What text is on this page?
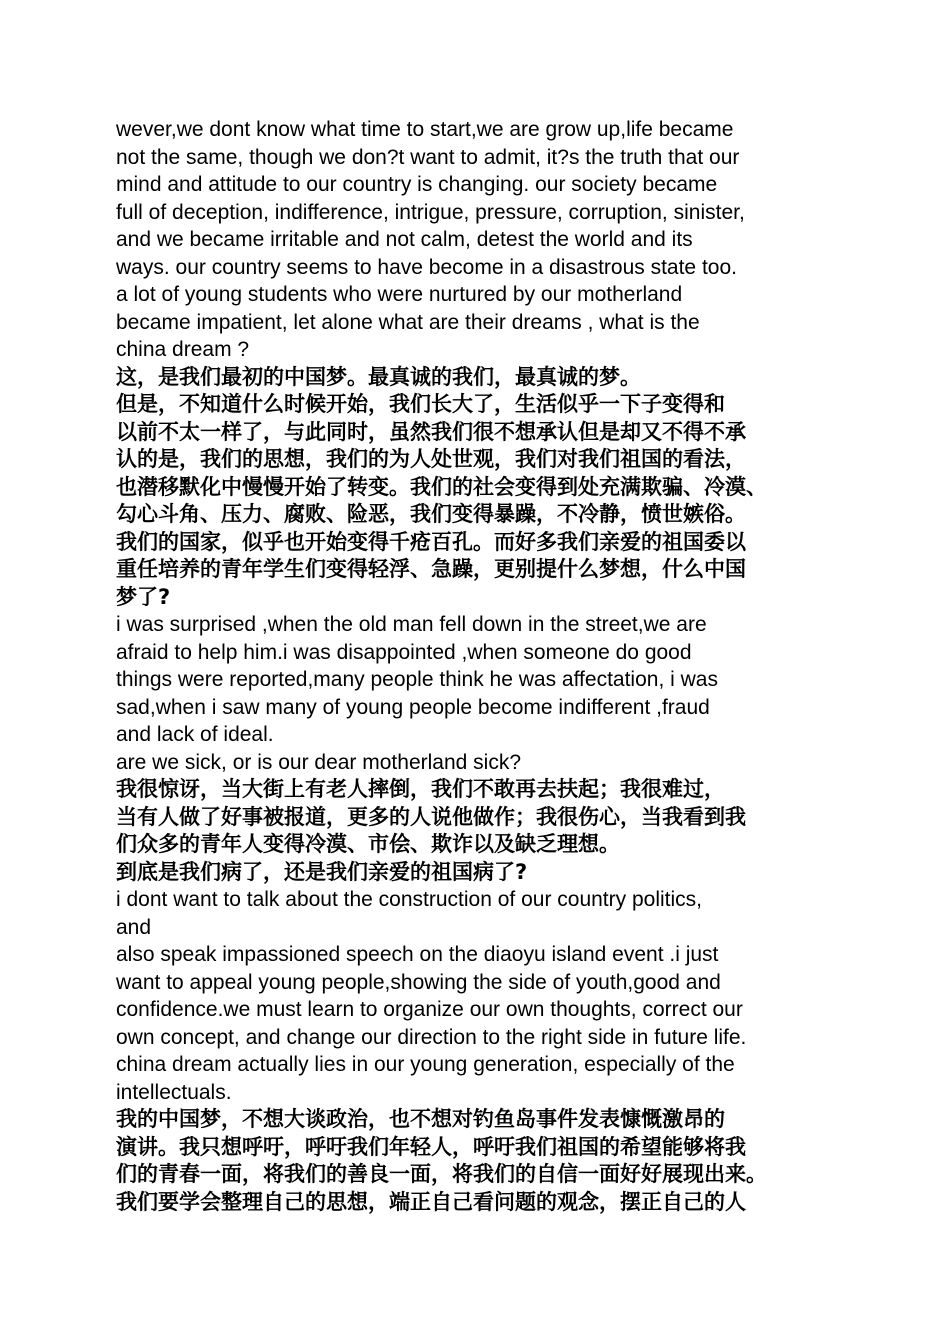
wever,we dont know what time to start,we are grow up,life became
not the same, though we don?t want to admit, it?s the truth that our
mind and attitude to our country is changing. our society became
full of deception, indifference, intrigue, pressure, corruption, sinister,
and we became irritable and not calm, detest the world and its
ways. our country seems to have become in a disastrous state too.
a lot of young students who were nurtured by our motherland
became impatient, let alone what are their dreams , what is the
china dream ?

这，是我们最初的中国梦。最真诚的我们，最真诚的梦。

但是，不知道什么时候开始，我们长大了，生活似乎一下子变得和
以前不太一样了，与此同时，虽然我们很不想承认但是却又不得不承
认的是，我们的思想，我们的为人处世观，我们对我们祖国的看法，
也潜移默化中慢慢开始了转变。我们的社会变得到处充满欺骗、冷漠、
勾心斗角、压力、腐败、险恶，我们变得暴躁，不冷静，愤世嫉俗。
我们的国家，似乎也开始变得千疮百孔。而好多我们亲爱的祖国委以
重任培养的青年学生们变得轻浮、急躁，更别提什么梦想，什么中国
梦了?

i was surprised ,when the old man fell down in the street,we are
afraid to help him.i was disappointed ,when someone do good
things were reported,many people think he was affectation, i was
sad,when i saw many of young people become indifferent ,fraud
and lack of ideal.

are we sick, or is our dear motherland sick?

我很惊讶，当大街上有老人摔倒，我们不敢再去扶起；我很难过，
当有人做了好事被报道，更多的人说他做作；我很伤心，当我看到我
们众多的青年人变得冷漠、市侩、欺诈以及缺乏理想。

到底是我们病了，还是我们亲爱的祖国病了?

i dont want to talk about the construction of our country politics,
and
also speak impassioned speech on the diaoyu island event .i just
want to appeal young people,showing the side of youth,good and
confidence.we must learn to organize our own thoughts, correct our
own concept, and change our direction to the right side in future life.
china dream actually lies in our young generation, especially of the
intellectuals.

我的中国梦，不想大谈政治，也不想对钓鱼岛事件发表慷慨激昂的
演讲。我只想呼吁，呼吁我们年轻人，呼吁我们祖国的希望能够将我
们的青春一面，将我们的善良一面，将我们的自信一面好好展现出来。
我们要学会整理自己的思想，端正自己看问题的观念，摆正自己的人
